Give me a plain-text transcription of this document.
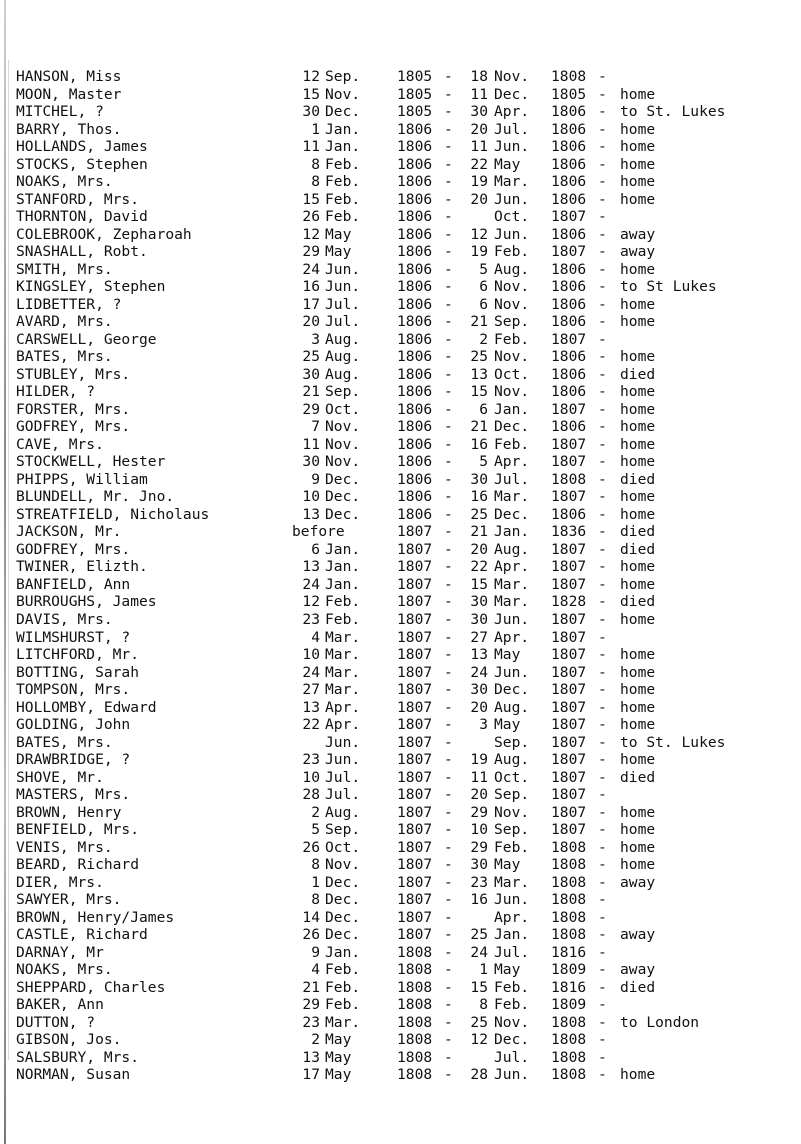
HANSON, Miss	12 Sep.	1805 -	18 Nov. 1808 -
MOON, Master	15 Nov.	1805 -	11 Dec. 1805 - home
MITCHEL, ?	30 Dec.	1805 -	30 Apr. 1806 - to St. Lukes
BARRY, Thos.	1 Jan.	1806 -	20 Jul. 1806 - home
HOLLANDS, James	11 Jan.	1806 -	11 Jun. 1806 - home
STOCKS, Stephen	8 Feb.	1806 -	22 May 1806 - home
NOAKS, Mrs.	8 Feb.	1806 -	19 Mar. 1806 - home
STANFORD, Mrs.	15 Feb.	1806 -	20 Jun. 1806 - home
THORNTON, David	26 Feb.	1806 -	Oct. 1807 -
COLEBROOK, Zepharoah	12 May	1806 -	12 Jun. 1806 - away
SNASHALL, Robt.	29 May	1806 -	19 Feb. 1807 - away
SMITH, Mrs.	24 Jun.	1806 -	5 Aug. 1806 - home
KINGSLEY, Stephen	16 Jun.	1806 -	6 Nov. 1806 - to St Lukes
LIDBETTER, ?	17 Jul.	1806 -	6 Nov. 1806 - home
AVARD, Mrs.	20 Jul.	1806 -	21 Sep. 1806 - home
CARSWELL, George	3 Aug.	1806 -	2 Feb. 1807 -
BATES, Mrs.	25 Aug.	1806 -	25 Nov. 1806 - home
STUBLEY, Mrs.	30 Aug.	1806 -	13 Oct. 1806 - died
HILDER, ?	21 Sep.	1806 -	15 Nov. 1806 - home
FORSTER, Mrs.	29 Oct.	1806 -	6 Jan. 1807 - home
GODFREY, Mrs.	7 Nov.	1806 -	21 Dec. 1806 - home
CAVE, Mrs.	11 Nov.	1806 -	16 Feb. 1807 - home
STOCKWELL, Hester	30 Nov.	1806 -	5 Apr. 1807 - home
PHIPPS, William	9 Dec.	1806 -	30 Jul. 1808 - died
BLUNDELL, Mr. Jno.	10 Dec.	1806 -	16 Mar. 1807 - home
STREATFIELD, Nicholaus	13 Dec.	1806 -	25 Dec. 1806 - home
JACKSON, Mr.	before	1807 -	21 Jan. 1836 - died
GODFREY, Mrs.	6 Jan.	1807 -	20 Aug. 1807 - died
TWINER, Elizth.	13 Jan.	1807 -	22 Apr. 1807 - home
BANFIELD, Ann	24 Jan.	1807 -	15 Mar. 1807 - home
BURROUGHS, James	12 Feb.	1807 -	30 Mar. 1828 - died
DAVIS, Mrs.	23 Feb.	1807 -	30 Jun. 1807 - home
WILMSHURST, ?	4 Mar.	1807 -	27 Apr. 1807 -
LITCHFORD, Mr.	10 Mar.	1807 -	13 May 1807 - home
BOTTING, Sarah	24 Mar.	1807 -	24 Jun. 1807 - home
TOMPSON, Mrs.	27 Mar.	1807 -	30 Dec. 1807 - home
HOLLOMBY, Edward	13 Apr.	1807 -	20 Aug. 1807 - home
GOLDING, John	22 Apr.	1807 -	3 May 1807 - home
BATES, Mrs.	Jun.	1807 -	Sep. 1807 - to St. Lukes
DRAWBRIDGE, ?	23 Jun.	1807 -	19 Aug. 1807 - home
SHOVE, Mr.	10 Jul.	1807 -	11 Oct. 1807 - died
MASTERS, Mrs.	28 Jul.	1807 -	20 Sep. 1807 -
BROWN, Henry	2 Aug.	1807 -	29 Nov. 1807 - home
BENFIELD, Mrs.	5 Sep.	1807 -	10 Sep. 1807 - home
VENIS, Mrs.	26 Oct.	1807 -	29 Feb. 1808 - home
BEARD, Richard	8 Nov.	1807 -	30 May 1808 - home
DIER, Mrs.	1 Dec.	1807 -	23 Mar. 1808 - away
SAWYER, Mrs.	8 Dec.	1807 -	16 Jun. 1808 -
BROWN, Henry/James	14 Dec.	1807 -	Apr. 1808 -
CASTLE, Richard	26 Dec.	1807 -	25 Jan. 1808 - away
DARNAY, Mr	9 Jan.	1808 -	24 Jul. 1816 -
NOAKS, Mrs.	4 Feb.	1808 -	1 May 1809 - away
SHEPPARD, Charles	21 Feb.	1808 -	15 Feb. 1816 - died
BAKER, Ann	29 Feb.	1808 -	8 Feb. 1809 -
DUTTON, ?	23 Mar.	1808 -	25 Nov. 1808 - to London
GIBSON, Jos.	2 May	1808 -	12 Dec. 1808 -
SALSBURY, Mrs.	13 May	1808 -	Jul. 1808 -
NORMAN, Susan	17 May	1808 -	28 Jun. 1808 - home
